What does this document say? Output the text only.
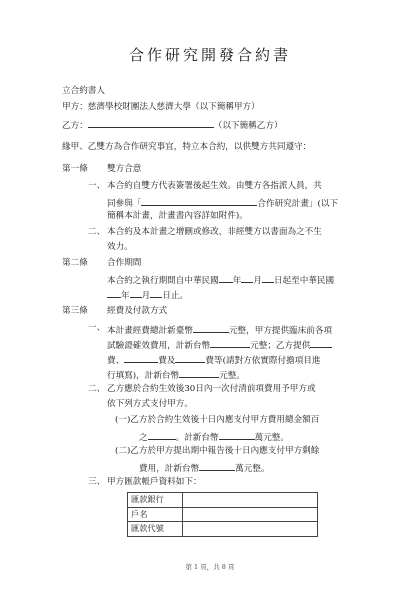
合作研究開發合約書
立合約書人
甲方：慈濟學校財團法人慈濟大學（以下簡稱甲方）
乙方：	（以下簡稱乙方）
緣甲、乙雙方為合作研究事宜，特立本合約，以供雙方共同遵守：
第一條 雙方合意
一、 本合約自雙方代表簽署後起生效。由雙方各指派人員，共
同參與「	合作研究計畫」(以下
簡稱本計畫，計畫書內容詳如附件)。
二、 本合約及本計畫之增刪或修改，非經雙方以書面為之不生
效力。
第二條 合作期間
本合約之執行期間自中華民國 年 月 日起至中華民國
年 月 日止。
第三條 經費及付款方式
一、 本計畫經費總計新臺幣	元整，甲方提供臨床前各項
試驗證確效費用，計新台幣	元整；乙方提供
費、	費及	費等(請對方依實際付擔項目進
行填寫)，計新台幣	元整。
二、 乙方應於合約生效後30日內一次付清前項費用予甲方或
依下列方式支付甲方。
(一)乙方於合約生效後十日內應支付甲方費用總金額百
之	。計新台幣	萬元整。
(二)乙方於甲方提出期中報告後十日內應支付甲方剩餘
費用，計新台幣	萬元整。
三、 甲方匯款帳戶資料如下：
匯款銀行	
戶名	
匯款代號	
第 1 頁，共 8 頁
